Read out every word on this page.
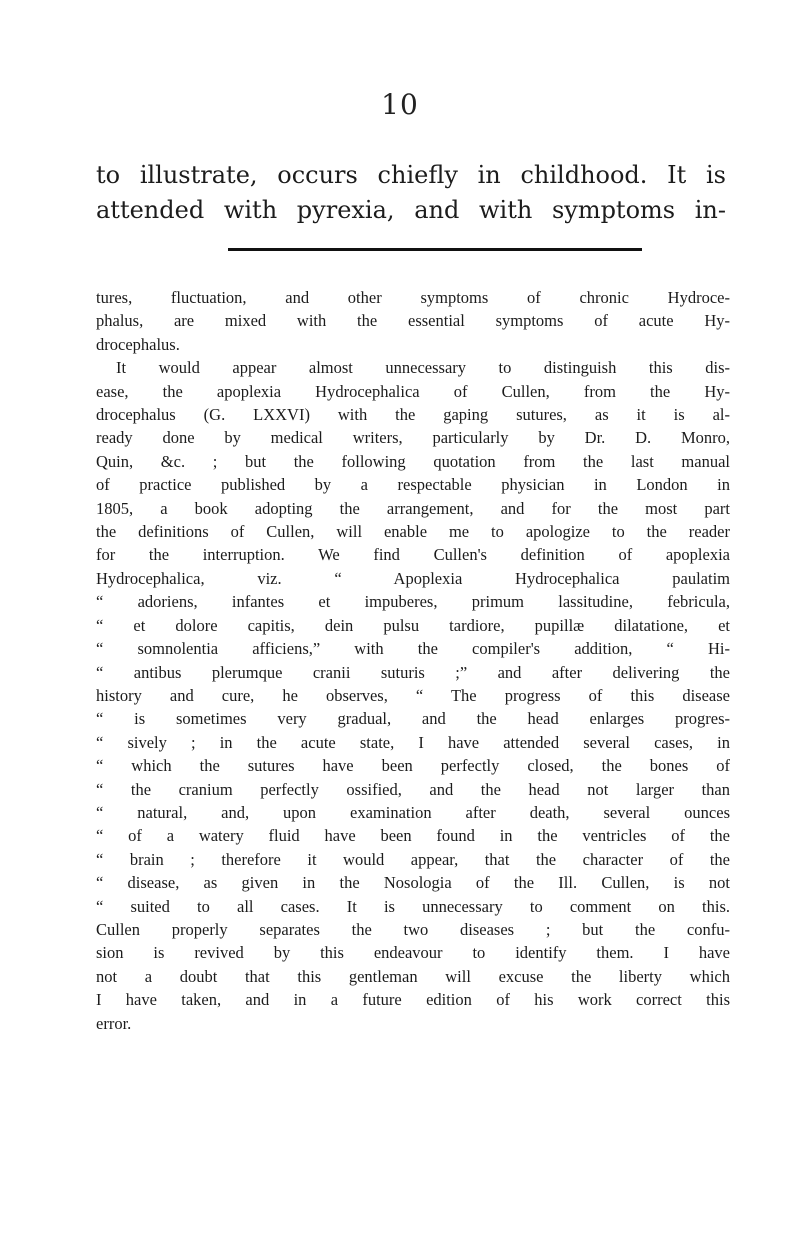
10
to illustrate, occurs chiefly in childhood. It is
attended with pyrexia, and with symptoms in-
tures, fluctuation, and other symptoms of chronic Hydroce-
phalus, are mixed with the essential symptoms of acute Hy-
drocephalus.
It would appear almost unnecessary to distinguish this dis-
ease, the apoplexia Hydrocephalica of Cullen, from the Hy-
drocephalus (G. LXXVI) with the gaping sutures, as it is al-
ready done by medical writers, particularly by Dr. D. Monro,
Quin, &c. ; but the following quotation from the last manual
of practice published by a respectable physician in London in
1805, a book adopting the arrangement, and for the most part
the definitions of Cullen, will enable me to apologize to the reader
for the interruption. We find Cullen's definition of apoplexia
Hydrocephalica, viz. “ Apoplexia Hydrocephalica paulatim
“ adoriens, infantes et impuberes, primum lassitudine, febricula,
“ et dolore capitis, dein pulsu tardiore, pupillæ dilatatione, et
“ somnolentia afficiens,” with the compiler's addition, “ Hi-
“ antibus plerumque cranii suturis ;” and after delivering the
history and cure, he observes, “ The progress of this disease
“ is sometimes very gradual, and the head enlarges progres-
“ sively ; in the acute state, I have attended several cases, in
“ which the sutures have been perfectly closed, the bones of
“ the cranium perfectly ossified, and the head not larger than
“ natural, and, upon examination after death, several ounces
“ of a watery fluid have been found in the ventricles of the
“ brain ; therefore it would appear, that the character of the
“ disease, as given in the Nosologia of the Ill. Cullen, is not
“ suited to all cases. It is unnecessary to comment on this.
Cullen properly separates the two diseases ; but the confu-
sion is revived by this endeavour to identify them. I have
not a doubt that this gentleman will excuse the liberty which
I have taken, and in a future edition of his work correct this
error.
